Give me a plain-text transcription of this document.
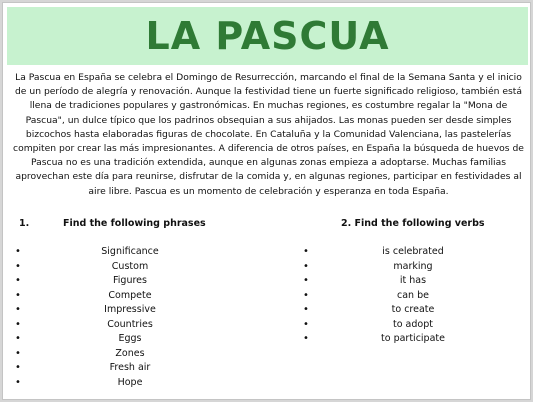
LA PASCUA

La Pascua en España se celebra el Domingo de Resurrección, marcando el final de la Semana Santa y el inicio de un período de alegría y renovación. Aunque la festividad tiene un fuerte significado religioso, también está llena de tradiciones populares y gastronómicas. En muchas regiones, es costumbre regalar la "Mona de Pascua", un dulce típico que los padrinos obsequian a sus ahijados. Las monas pueden ser desde simples bizcochos hasta elaboradas figuras de chocolate. En Cataluña y la Comunidad Valenciana, las pastelerías compiten por crear las más impresionantes. A diferencia de otros países, en España la búsqueda de huevos de Pascua no es una tradición extendida, aunque en algunas zonas empieza a adoptarse. Muchas familias aprovechan este día para reunirse, disfrutar de la comida y, en algunas regiones, participar en festividades al aire libre. Pascua es un momento de celebración y esperanza en toda España.

1.	Find the following phrases	2. Find the following verbs
•	Significance
•	Custom
•	Figures
•	Compete
•	Impressive
•	Countries
•	Eggs
•	Zones
•	Fresh air
•	Hope
•	is celebrated
•	marking
•	it has
•	can be
•	to create
•	to adopt
•	to participate
